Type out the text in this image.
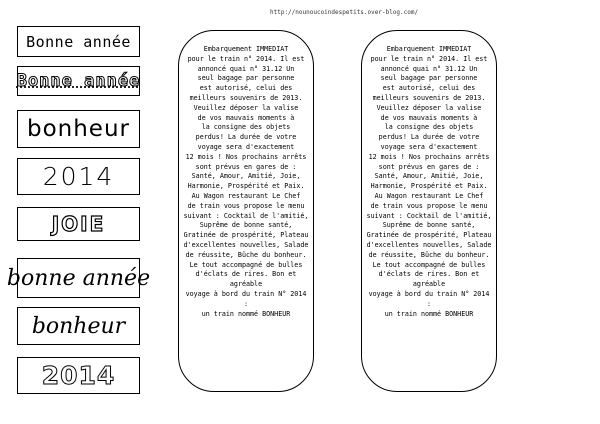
http://nounoucoindespetits.over-blog.com/
Bonne année
Bonne année
bonheur
2014
JOIE
bonne année
bonheur
2014

Embarquement IMMEDIAT
pour le train n° 2014. Il est
annoncé quai n° 31.12 Un
seul bagage par personne
est autorisé, celui des
meilleurs souvenirs de 2013.
Veuillez déposer la valise
de vos mauvais moments à
la consigne des objets
perdus! La durée de votre
voyage sera d'exactement
12 mois ! Nos prochains arrêts
sont prévus en gares de :
Santé, Amour, Amitié, Joie,
Harmonie, Prospérité et Paix.
Au Wagon restaurant Le Chef
de train vous propose le menu
suivant : Cocktail de l'amitié,
Suprême de bonne santé,
Gratinée de prospérité, Plateau
d'excellentes nouvelles, Salade
de réussite, Bûche du bonheur.
Le tout accompagné de bulles
d'éclats de rires. Bon et agréable
voyage à bord du train N° 2014 :
un train nommé BONHEUR

Embarquement IMMEDIAT
pour le train n° 2014. Il est
annoncé quai n° 31.12 Un
seul bagage par personne
est autorisé, celui des
meilleurs souvenirs de 2013.
Veuillez déposer la valise
de vos mauvais moments à
la consigne des objets
perdus! La durée de votre
voyage sera d'exactement
12 mois ! Nos prochains arrêts
sont prévus en gares de :
Santé, Amour, Amitié, Joie,
Harmonie, Prospérité et Paix.
Au Wagon restaurant Le Chef
de train vous propose le menu
suivant : Cocktail de l'amitié,
Suprême de bonne santé,
Gratinée de prospérité, Plateau
d'excellentes nouvelles, Salade
de réussite, Bûche du bonheur.
Le tout accompagné de bulles
d'éclats de rires. Bon et agréable
voyage à bord du train N° 2014 :
un train nommé BONHEUR
